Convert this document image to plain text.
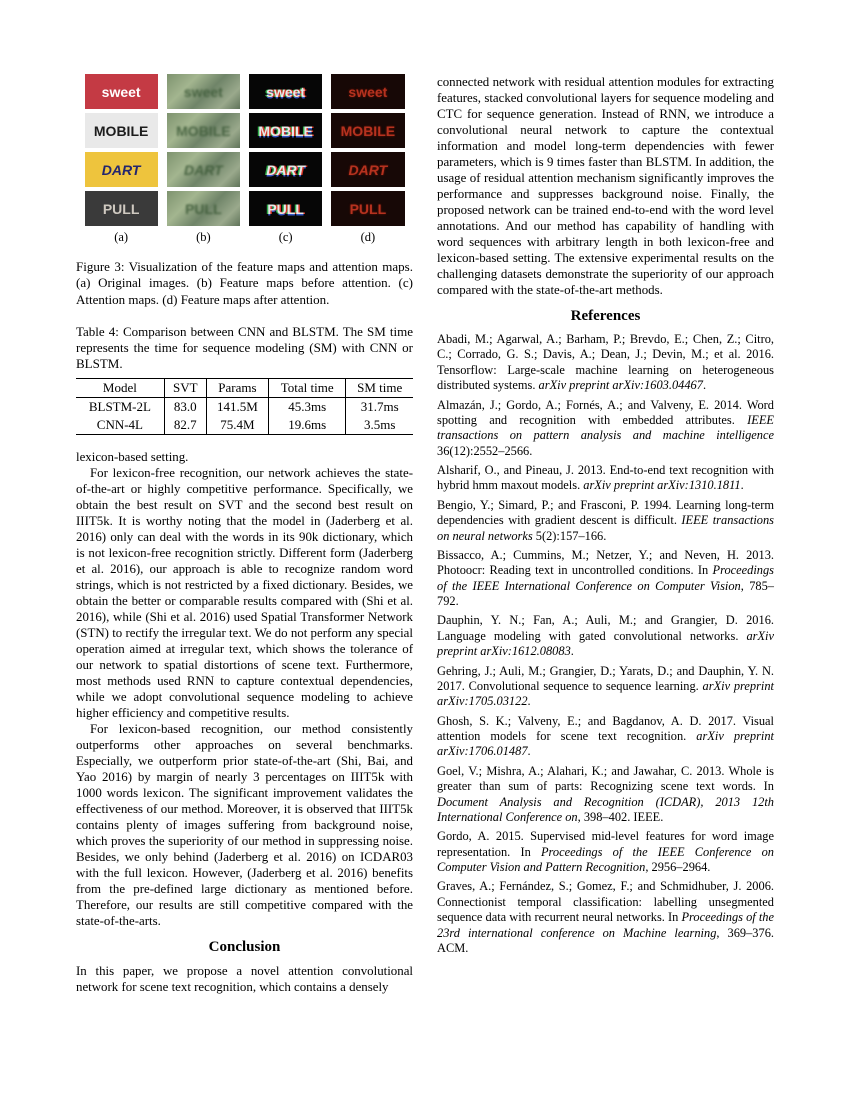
sweet	sweet	sweet	sweet
MOBILE MOBILE MOBILE MOBILE
DART	DART	DART	DART
PULL	PULL	PULL	PULL
(a)	(b)	(c)	(d)
Figure 3: Visualization of the feature maps and attention maps. (a) Original images. (b) Feature maps before attention. (c) Attention maps. (d) Feature maps after attention.
Table 4: Comparison between CNN and BLSTM. The SM time represents the time for sequence modeling (SM) with CNN or BLSTM.
Model	SVT	Params	Total time	SM time
BLSTM-2L	83.0	141.5M	45.3ms	31.7ms
CNN-4L	82.7	75.4M	19.6ms	3.5ms

lexicon-based setting.

For lexicon-free recognition, our network achieves the state-of-the-art or highly competitive performance. Specifically, we obtain the best result on SVT and the second best result on IIIT5k. It is worthy noting that the model in (Jaderberg et al. 2016) only can deal with the words in its 90k dictionary, which is not lexicon-free recognition strictly. Different form (Jaderberg et al. 2016), our approach is able to recognize random word strings, which is not restricted by a fixed dictionary. Besides, we obtain the better or comparable results compared with (Shi et al. 2016), while (Shi et al. 2016) used Spatial Transformer Network (STN) to rectify the irregular text. We do not perform any special operation aimed at irregular text, which shows the tolerance of our network to spatial distortions of scene text. Furthermore, most methods used RNN to capture contextual dependencies, while we adopt convolutional sequence modeling to achieve higher efficiency and competitive results.

For lexicon-based recognition, our method consistently outperforms other approaches on several benchmarks. Especially, we outperform prior state-of-the-art (Shi, Bai, and Yao 2016) by margin of nearly 3 percentages on IIIT5k with 1000 words lexicon. The significant improvement validates the effectiveness of our method. Moreover, it is observed that IIIT5k contains plenty of images suffering from background noise, which proves the superiority of our method in suppressing noise. Besides, we only behind (Jaderberg et al. 2016) on ICDAR03 with the full lexicon. However, (Jaderberg et al. 2016) benefits from the pre-defined large dictionary as mentioned before. Therefore, our results are still competitive compared with the state-of-the-arts.

Conclusion

In this paper, we propose a novel attention convolutional network for scene text recognition, which contains a densely

connected network with residual attention modules for extracting features, stacked convolutional layers for sequence modeling and CTC for sequence generation. Instead of RNN, we introduce a convolutional neural network to capture the contextual information and model long-term dependencies with fewer parameters, which is 9 times faster than BLSTM. In addition, the usage of residual attention mechanism significantly improves the performance and suppresses background noise. Finally, the proposed network can be trained end-to-end with the word level annotations. And our method has capability of handling with word sequences with arbitrary length in both lexicon-free and lexicon-based setting. The extensive experimental results on the challenging datasets demonstrate the superiority of our approach compared with the state-of-the-art methods.

References
Abadi, M.; Agarwal, A.; Barham, P.; Brevdo, E.; Chen, Z.; Citro, C.; Corrado, G. S.; Davis, A.; Dean, J.; Devin, M.; et al. 2016. Tensorflow: Large-scale machine learning on heterogeneous distributed systems. arXiv preprint arXiv:1603.04467.
Almazán, J.; Gordo, A.; Fornés, A.; and Valveny, E. 2014. Word spotting and recognition with embedded attributes. IEEE transactions on pattern analysis and machine intelligence 36(12):2552–2566.
Alsharif, O., and Pineau, J. 2013. End-to-end text recognition with hybrid hmm maxout models. arXiv preprint arXiv:1310.1811.
Bengio, Y.; Simard, P.; and Frasconi, P. 1994. Learning long-term dependencies with gradient descent is difficult. IEEE transactions on neural networks 5(2):157–166.
Bissacco, A.; Cummins, M.; Netzer, Y.; and Neven, H. 2013. Photoocr: Reading text in uncontrolled conditions. In Proceedings of the IEEE International Conference on Computer Vision, 785–792.
Dauphin, Y. N.; Fan, A.; Auli, M.; and Grangier, D. 2016. Language modeling with gated convolutional networks. arXiv preprint arXiv:1612.08083.
Gehring, J.; Auli, M.; Grangier, D.; Yarats, D.; and Dauphin, Y. N. 2017. Convolutional sequence to sequence learning. arXiv preprint arXiv:1705.03122.
Ghosh, S. K.; Valveny, E.; and Bagdanov, A. D. 2017. Visual attention models for scene text recognition. arXiv preprint arXiv:1706.01487.
Goel, V.; Mishra, A.; Alahari, K.; and Jawahar, C. 2013. Whole is greater than sum of parts: Recognizing scene text words. In Document Analysis and Recognition (ICDAR), 2013 12th International Conference on, 398–402. IEEE.
Gordo, A. 2015. Supervised mid-level features for word image representation. In Proceedings of the IEEE Conference on Computer Vision and Pattern Recognition, 2956–2964.
Graves, A.; Fernández, S.; Gomez, F.; and Schmidhuber, J. 2006. Connectionist temporal classification: labelling unsegmented sequence data with recurrent neural networks. In Proceedings of the 23rd international conference on Machine learning, 369–376. ACM.
